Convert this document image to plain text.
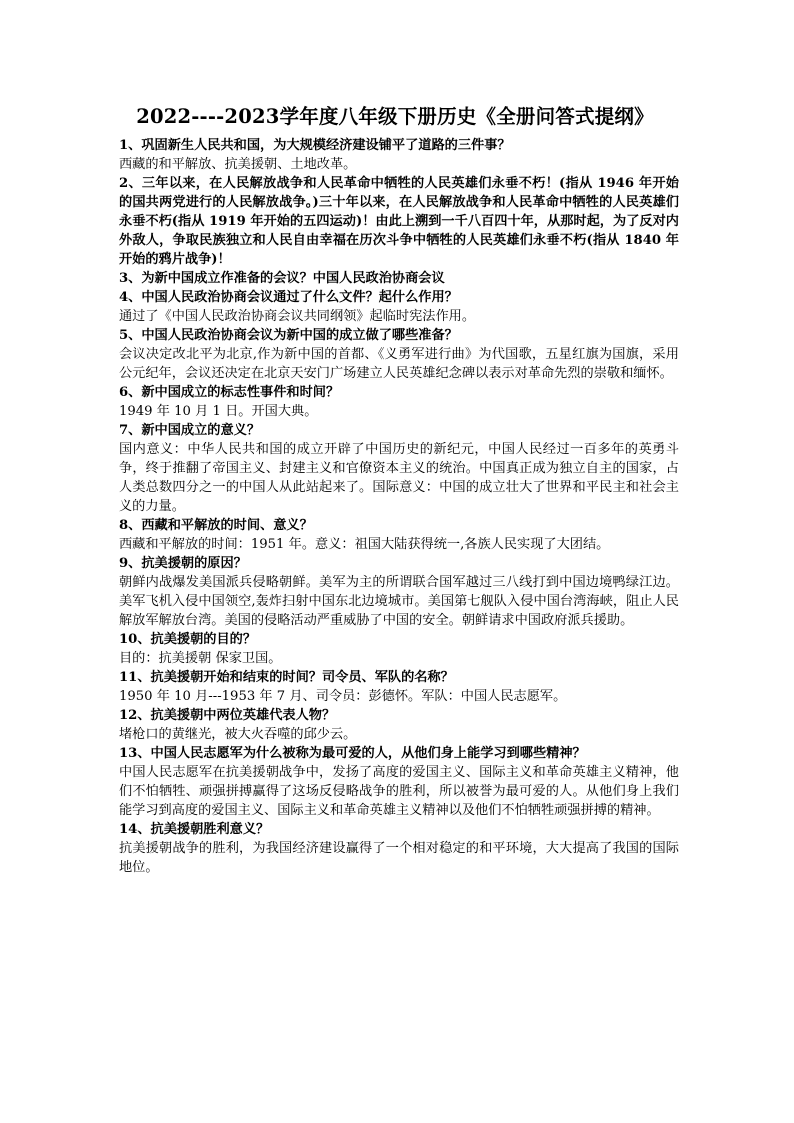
2022----2023学年度八年级下册历史《全册问答式提纲》

1、巩固新生人民共和国，为大规模经济建设铺平了道路的三件事？

西藏的和平解放、抗美援朝、土地改革。

2、三年以来，在人民解放战争和人民革命中牺牲的人民英雄们永垂不朽！(指从 1946 年开始的国共两党进行的人民解放战争。)三十年以来，在人民解放战争和人民革命中牺牲的人民英雄们永垂不朽(指从 1919 年开始的五四运动)！由此上溯到一千八百四十年，从那时起，为了反对内外敌人，争取民族独立和人民自由幸福在历次斗争中牺牲的人民英雄们永垂不朽(指从 1840 年开始的鸦片战争)！

3、为新中国成立作准备的会议？中国人民政治协商会议

4、中国人民政治协商会议通过了什么文件？起什么作用？

通过了《中国人民政治协商会议共同纲领》起临时宪法作用。

5、中国人民政治协商会议为新中国的成立做了哪些准备？

会议决定改北平为北京,作为新中国的首都、《义勇军进行曲》为代国歌，五星红旗为国旗，采用公元纪年，会议还决定在北京天安门广场建立人民英雄纪念碑以表示对革命先烈的崇敬和缅怀。

6、新中国成立的标志性事件和时间？

1949 年 10 月 1 日。开国大典。

7、新中国成立的意义？

国内意义：中华人民共和国的成立开辟了中国历史的新纪元，中国人民经过一百多年的英勇斗争，终于推翻了帝国主义、封建主义和官僚资本主义的统治。中国真正成为独立自主的国家，占人类总数四分之一的中国人从此站起来了。国际意义：中国的成立壮大了世界和平民主和社会主义的力量。

8、西藏和平解放的时间、意义？

西藏和平解放的时间：1951 年。意义：祖国大陆获得统一,各族人民实现了大团结。

9、抗美援朝的原因？

朝鲜内战爆发美国派兵侵略朝鲜。美军为主的所谓联合国军越过三八线打到中国边境鸭绿江边。美军飞机入侵中国领空,轰炸扫射中国东北边境城市。美国第七舰队入侵中国台湾海峡，阻止人民解放军解放台湾。美国的侵略活动严重威胁了中国的安全。朝鲜请求中国政府派兵援助。

10、抗美援朝的目的？

目的：抗美援朝 保家卫国。

11、抗美援朝开始和结束的时间？司令员、军队的名称？

1950 年 10 月---1953 年 7 月、司令员：彭德怀。军队：中国人民志愿军。

12、抗美援朝中两位英雄代表人物？

堵枪口的黄继光，被大火吞噬的邱少云。

13、中国人民志愿军为什么被称为最可爱的人，从他们身上能学习到哪些精神？

中国人民志愿军在抗美援朝战争中，发扬了高度的爱国主义、国际主义和革命英雄主义精神，他们不怕牺牲、顽强拼搏赢得了这场反侵略战争的胜利，所以被誉为最可爱的人。从他们身上我们能学习到高度的爱国主义、国际主义和革命英雄主义精神以及他们不怕牺牲顽强拼搏的精神。

14、抗美援朝胜利意义？

抗美援朝战争的胜利，为我国经济建设赢得了一个相对稳定的和平环境，大大提高了我国的国际地位。
